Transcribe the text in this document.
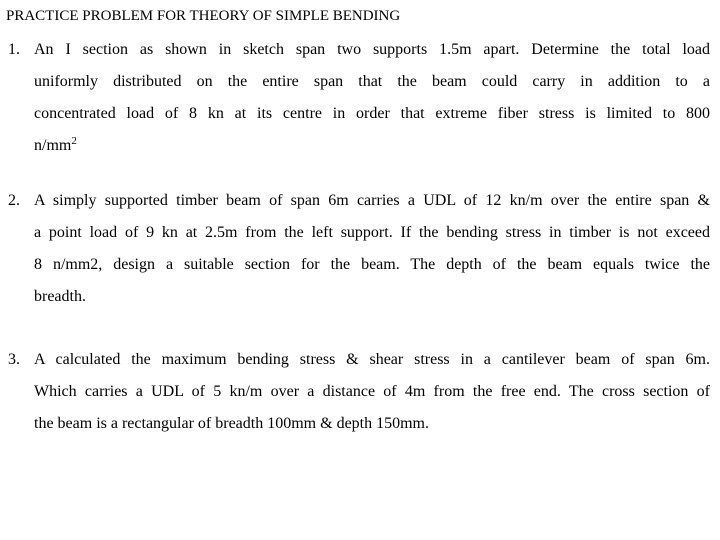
PRACTICE PROBLEM FOR THEORY OF SIMPLE BENDING
1. An I section as shown in sketch span two supports 1.5m apart. Determine the total load
uniformly distributed on the entire span that the beam could carry in addition to a
concentrated load of 8 kn at its centre in order that extreme fiber stress is limited to 800
$n/mm^2$
2. A simply supported timber beam of span 6m carries a UDL of 12 kn/m over the entire span &
a point load of 9 kn at 2.5m from the left support. If the bending stress in timber is not exceed
8 n/mm2, design a suitable section for the beam. The depth of the beam equals twice the
breadth.
3. A calculated the maximum bending stress & shear stress in a cantilever beam of span 6m.
Which carries a UDL of 5 kn/m over a distance of 4m from the free end. The cross section of
the beam is a rectangular of breadth 100mm & depth 150mm.
